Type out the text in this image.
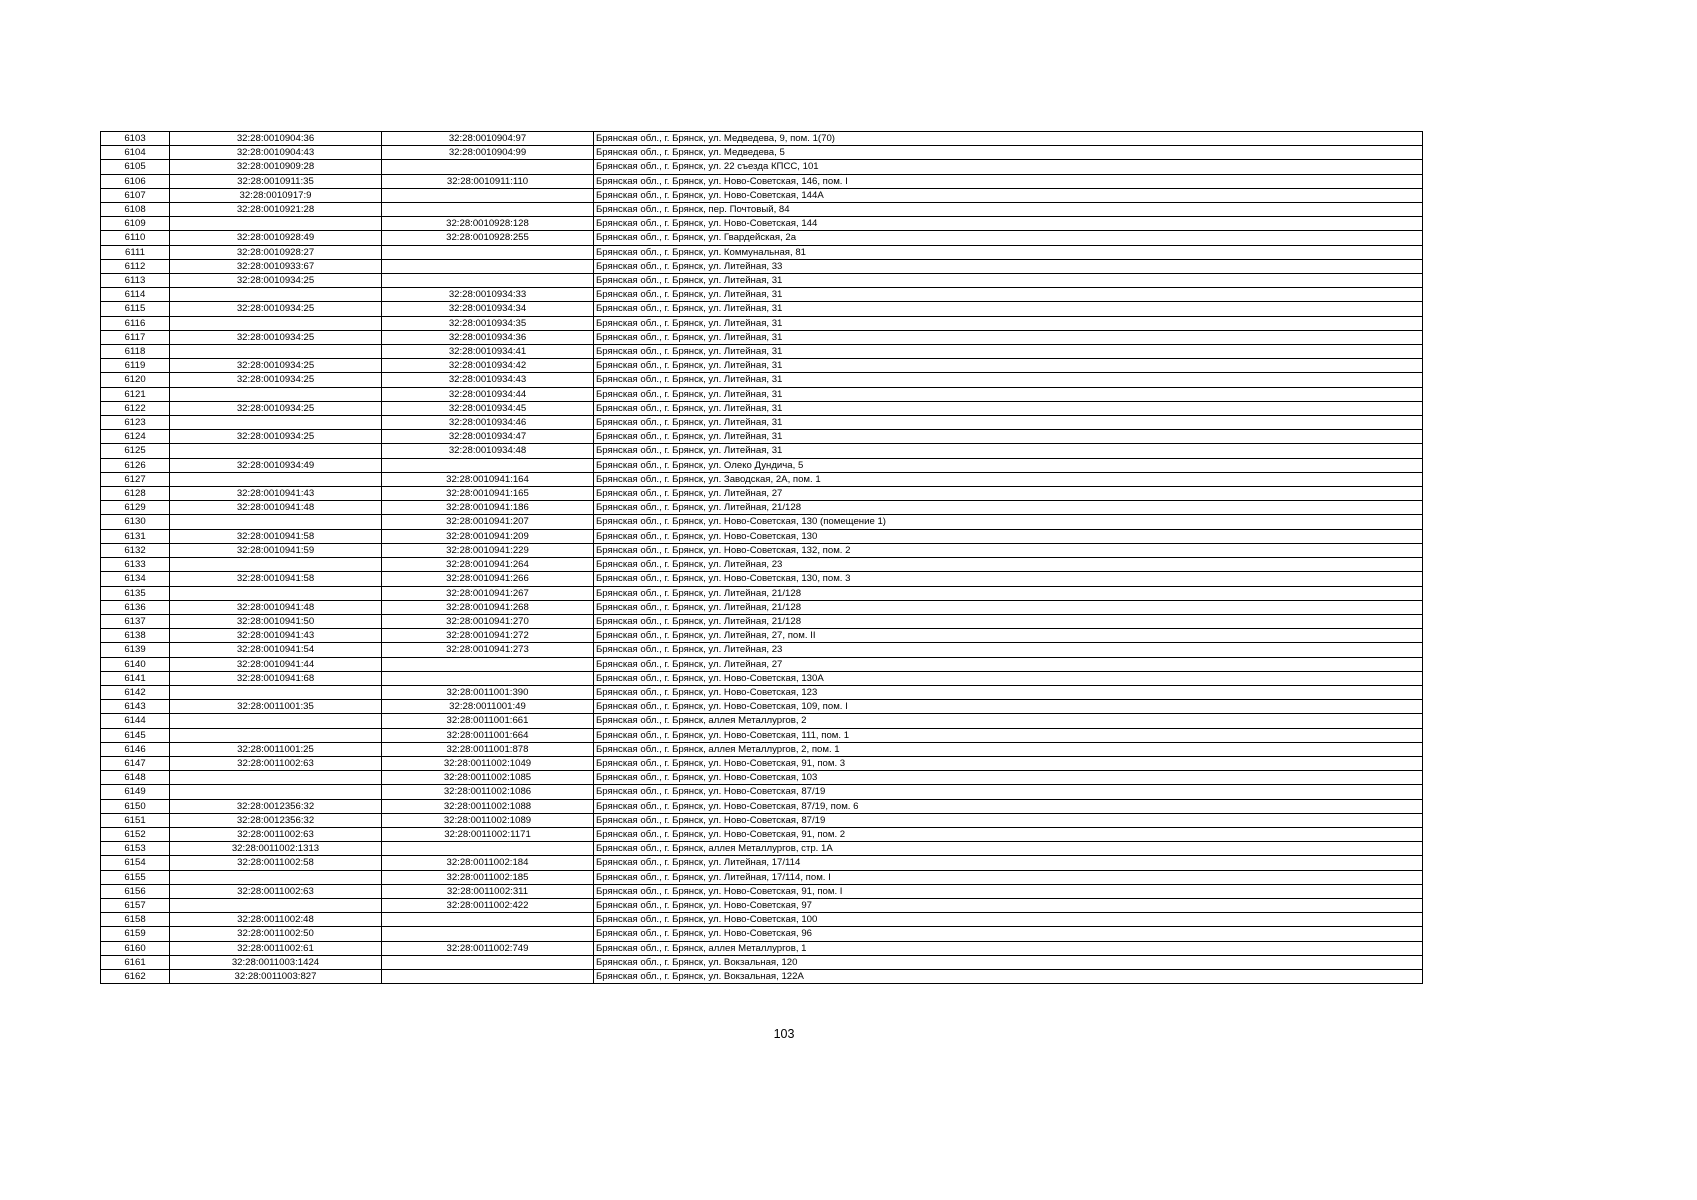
6103	32:28:0010904:36	32:28:0010904:97	Брянская обл., г. Брянск, ул. Медведева, 9, пом. 1(70)
6104	32:28:0010904:43	32:28:0010904:99	Брянская обл., г. Брянск, ул. Медведева, 5
6105	32:28:0010909:28		Брянская обл., г. Брянск, ул. 22 съезда КПСС, 101
6106	32:28:0010911:35	32:28:0010911:110	Брянская обл., г. Брянск, ул. Ново-Советская, 146, пом. I
6107	32:28:0010917:9		Брянская обл., г. Брянск, ул. Ново-Советская, 144А
6108	32:28:0010921:28		Брянская обл., г. Брянск, пер. Почтовый, 84
6109		32:28:0010928:128	Брянская обл., г. Брянск, ул. Ново-Советская, 144
6110	32:28:0010928:49	32:28:0010928:255	Брянская обл., г. Брянск, ул. Гвардейская, 2а
6111	32:28:0010928:27		Брянская обл., г. Брянск, ул. Коммунальная, 81
6112	32:28:0010933:67		Брянская обл., г. Брянск, ул. Литейная, 33
6113	32:28:0010934:25		Брянская обл., г. Брянск, ул. Литейная, 31
6114		32:28:0010934:33	Брянская обл., г. Брянск, ул. Литейная, 31
6115	32:28:0010934:25	32:28:0010934:34	Брянская обл., г. Брянск, ул. Литейная, 31
6116		32:28:0010934:35	Брянская обл., г. Брянск, ул. Литейная, 31
6117	32:28:0010934:25	32:28:0010934:36	Брянская обл., г. Брянск, ул. Литейная, 31
6118		32:28:0010934:41	Брянская обл., г. Брянск, ул. Литейная, 31
6119	32:28:0010934:25	32:28:0010934:42	Брянская обл., г. Брянск, ул. Литейная, 31
6120	32:28:0010934:25	32:28:0010934:43	Брянская обл., г. Брянск, ул. Литейная, 31
6121		32:28:0010934:44	Брянская обл., г. Брянск, ул. Литейная, 31
6122	32:28:0010934:25	32:28:0010934:45	Брянская обл., г. Брянск, ул. Литейная, 31
6123		32:28:0010934:46	Брянская обл., г. Брянск, ул. Литейная, 31
6124	32:28:0010934:25	32:28:0010934:47	Брянская обл., г. Брянск, ул. Литейная, 31
6125		32:28:0010934:48	Брянская обл., г. Брянск, ул. Литейная, 31
6126	32:28:0010934:49		Брянская обл., г. Брянск, ул. Олеко Дундича, 5
6127		32:28:0010941:164	Брянская обл., г. Брянск, ул. Заводская, 2А, пом. 1
6128	32:28:0010941:43	32:28:0010941:165	Брянская обл., г. Брянск, ул. Литейная, 27
6129	32:28:0010941:48	32:28:0010941:186	Брянская обл., г. Брянск, ул. Литейная, 21/128
6130		32:28:0010941:207	Брянская обл., г. Брянск, ул. Ново-Советская, 130 (помещение 1)
6131	32:28:0010941:58	32:28:0010941:209	Брянская обл., г. Брянск, ул. Ново-Советская, 130
6132	32:28:0010941:59	32:28:0010941:229	Брянская обл., г. Брянск, ул. Ново-Советская, 132, пом. 2
6133		32:28:0010941:264	Брянская обл., г. Брянск, ул. Литейная, 23
6134	32:28:0010941:58	32:28:0010941:266	Брянская обл., г. Брянск, ул. Ново-Советская, 130, пом. 3
6135		32:28:0010941:267	Брянская обл., г. Брянск, ул. Литейная, 21/128
6136	32:28:0010941:48	32:28:0010941:268	Брянская обл., г. Брянск, ул. Литейная, 21/128
6137	32:28:0010941:50	32:28:0010941:270	Брянская обл., г. Брянск, ул. Литейная, 21/128
6138	32:28:0010941:43	32:28:0010941:272	Брянская обл., г. Брянск, ул. Литейная, 27, пом. II
6139	32:28:0010941:54	32:28:0010941:273	Брянская обл., г. Брянск, ул. Литейная, 23
6140	32:28:0010941:44		Брянская обл., г. Брянск, ул. Литейная, 27
6141	32:28:0010941:68		Брянская обл., г. Брянск, ул. Ново-Советская, 130А
6142		32:28:0011001:390	Брянская обл., г. Брянск, ул. Ново-Советская, 123
6143	32:28:0011001:35	32:28:0011001:49	Брянская обл., г. Брянск, ул. Ново-Советская, 109, пом. I
6144		32:28:0011001:661	Брянская обл., г. Брянск, аллея Металлургов, 2
6145		32:28:0011001:664	Брянская обл., г. Брянск, ул. Ново-Советская, 111, пом. 1
6146	32:28:0011001:25	32:28:0011001:878	Брянская обл., г. Брянск, аллея Металлургов, 2, пом. 1
6147	32:28:0011002:63	32:28:0011002:1049	Брянская обл., г. Брянск, ул. Ново-Советская, 91, пом. 3
6148		32:28:0011002:1085	Брянская обл., г. Брянск, ул. Ново-Советская, 103
6149		32:28:0011002:1086	Брянская обл., г. Брянск, ул. Ново-Советская, 87/19
6150	32:28:0012356:32	32:28:0011002:1088	Брянская обл., г. Брянск, ул. Ново-Советская, 87/19, пом. 6
6151	32:28:0012356:32	32:28:0011002:1089	Брянская обл., г. Брянск, ул. Ново-Советская, 87/19
6152	32:28:0011002:63	32:28:0011002:1171	Брянская обл., г. Брянск, ул. Ново-Советская, 91, пом. 2
6153	32:28:0011002:1313		Брянская обл., г. Брянск, аллея Металлургов, стр. 1А
6154	32:28:0011002:58	32:28:0011002:184	Брянская обл., г. Брянск, ул. Литейная, 17/114
6155		32:28:0011002:185	Брянская обл., г. Брянск, ул. Литейная, 17/114, пом. I
6156	32:28:0011002:63	32:28:0011002:311	Брянская обл., г. Брянск, ул. Ново-Советская, 91, пом. I
6157		32:28:0011002:422	Брянская обл., г. Брянск, ул. Ново-Советская, 97
6158	32:28:0011002:48		Брянская обл., г. Брянск, ул. Ново-Советская, 100
6159	32:28:0011002:50		Брянская обл., г. Брянск, ул. Ново-Советская, 96
6160	32:28:0011002:61	32:28:0011002:749	Брянская обл., г. Брянск, аллея Металлургов, 1
6161	32:28:0011003:1424		Брянская обл., г. Брянск, ул. Вокзальная, 120
6162	32:28:0011003:827		Брянская обл., г. Брянск, ул. Вокзальная, 122А
103
